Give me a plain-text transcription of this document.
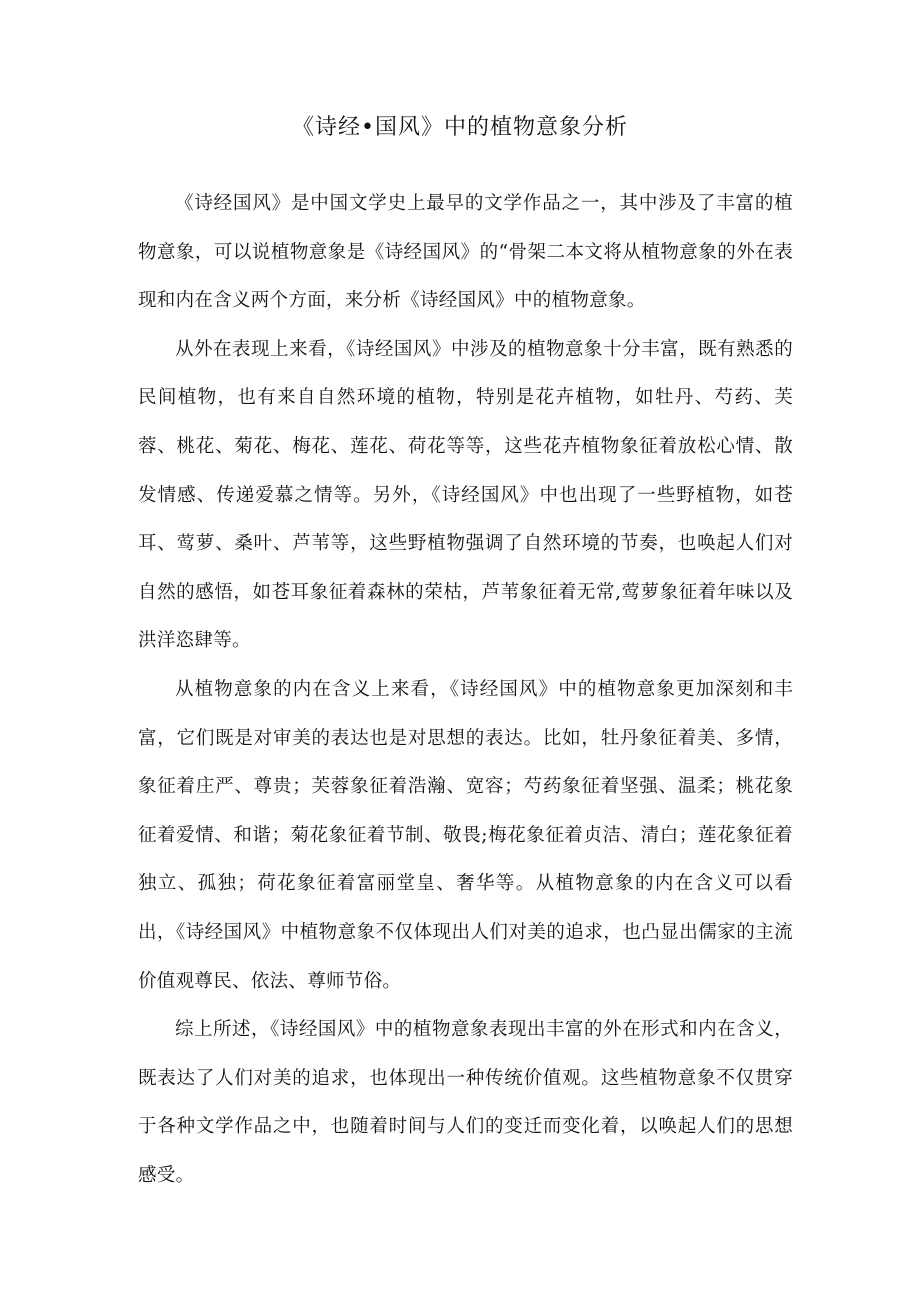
《诗经•国风》中的植物意象分析

《诗经国风》是中国文学史上最早的文学作品之一，其中涉及了丰富的植物意象，可以说植物意象是《诗经国风》的“骨架二本文将从植物意象的外在表现和内在含义两个方面，来分析《诗经国风》中的植物意象。

从外在表现上来看，《诗经国风》中涉及的植物意象十分丰富，既有熟悉的民间植物，也有来自自然环境的植物，特别是花卉植物，如牡丹、芍药、芙蓉、桃花、菊花、梅花、莲花、荷花等等，这些花卉植物象征着放松心情、散发情感、传递爱慕之情等。另外，《诗经国风》中也出现了一些野植物，如苍耳、莺萝、桑叶、芦苇等，这些野植物强调了自然环境的节奏，也唤起人们对自然的感悟，如苍耳象征着森林的荣枯，芦苇象征着无常,莺萝象征着年味以及洪洋恣肆等。

从植物意象的内在含义上来看，《诗经国风》中的植物意象更加深刻和丰富，它们既是对审美的表达也是对思想的表达。比如，牡丹象征着美、多情，象征着庄严、尊贵；芙蓉象征着浩瀚、宽容；芍药象征着坚强、温柔；桃花象征着爱情、和谐；菊花象征着节制、敬畏;梅花象征着贞洁、清白；莲花象征着独立、孤独；荷花象征着富丽堂皇、奢华等。从植物意象的内在含义可以看出，《诗经国风》中植物意象不仅体现出人们对美的追求，也凸显出儒家的主流价值观尊民、依法、尊师节俗。

综上所述，《诗经国风》中的植物意象表现出丰富的外在形式和内在含义，既表达了人们对美的追求，也体现出一种传统价值观。这些植物意象不仅贯穿于各种文学作品之中，也随着时间与人们的变迁而变化着，以唤起人们的思想感受。
